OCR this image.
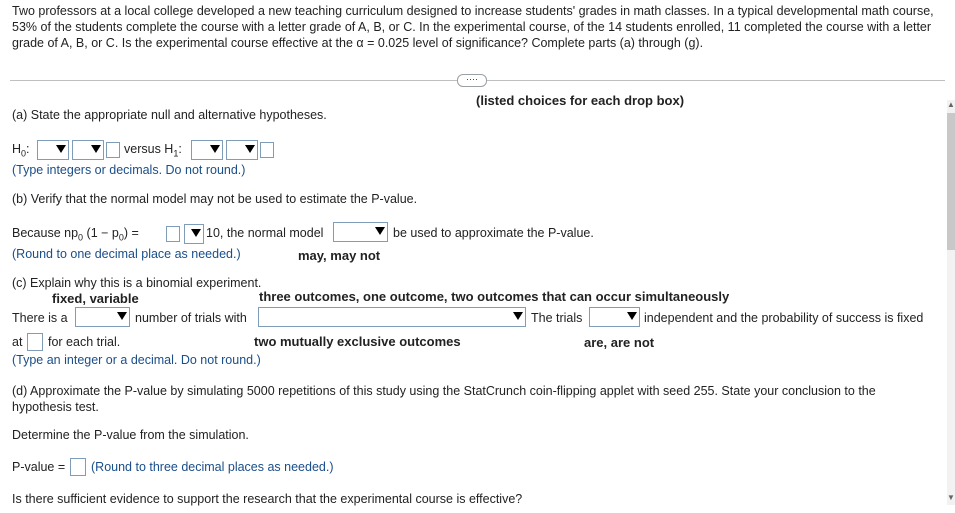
Two professors at a local college developed a new teaching curriculum designed to increase students' grades in math classes. In a typical developmental math course, 53% of the students complete the course with a letter grade of A, B, or C. In the experimental course, of the 14 students enrolled, 11 completed the course with a letter grade of A, B, or C. Is the experimental course effective at the α = 0.025 level of significance? Complete parts (a) through (g).
····
(listed choices for each drop box)
(a) State the appropriate null and alternative hypotheses.
$H_0$:	versus $H_1$:
(Type integers or decimals. Do not round.)
(b) Verify that the normal model may not be used to estimate the P-value.
Because $np_0$ $(1 - p_0)$ =	10, the normal model	be used to approximate the P-value.
(Round to one decimal place as needed.)	may, may not
(c) Explain why this is a binomial experiment.
fixed, variable	three outcomes, one outcome, two outcomes that can occur simultaneously
There is a	number of trials with	The trials	independent and the probability of success is fixed
at for each trial.	two mutually exclusive outcomes	are, are not
(Type an integer or a decimal. Do not round.)
(d) Approximate the P-value by simulating 5000 repetitions of this study using the StatCrunch coin-flipping applet with seed 255. State your conclusion to the hypothesis test.
Determine the P-value from the simulation.
P-value = (Round to three decimal places as needed.)
Is there sufficient evidence to support the research that the experimental course is effective?
▲
▼
